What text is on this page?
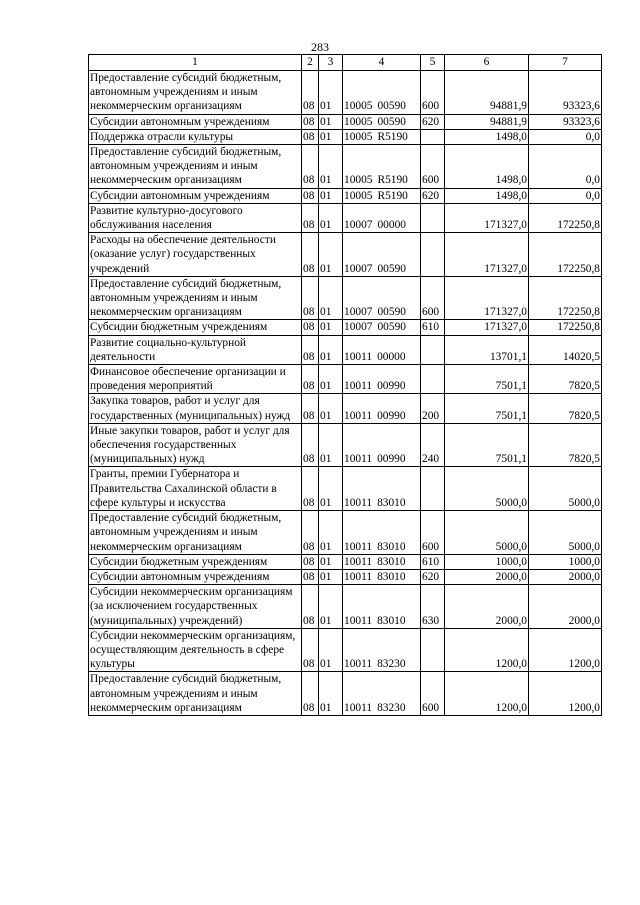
283
1	2	3	4	5	6	7
Предоставление субсидий бюджетным, автономным учреждениям и иным некоммерческим организациям	08	01	10005 00590	600	94881,9	93323,6
Субсидии автономным учреждениям	08	01	10005 00590	620	94881,9	93323,6
Поддержка отрасли культуры	08	01	10005 R5190		1498,0	0,0
Предоставление субсидий бюджетным, автономным учреждениям и иным некоммерческим организациям	08	01	10005 R5190	600	1498,0	0,0
Субсидии автономным учреждениям	08	01	10005 R5190	620	1498,0	0,0
Развитие культурно-досугового обслуживания населения	08	01	10007 00000		171327,0	172250,8
Расходы на обеспечение деятельности (оказание услуг) государственных учреждений	08	01	10007 00590		171327,0	172250,8
Предоставление субсидий бюджетным, автономным учреждениям и иным некоммерческим организациям	08	01	10007 00590	600	171327,0	172250,8
Субсидии бюджетным учреждениям	08	01	10007 00590	610	171327,0	172250,8
Развитие социально-культурной деятельности	08	01	10011 00000		13701,1	14020,5
Финансовое обеспечение организации и проведения мероприятий	08	01	10011 00990		7501,1	7820,5
Закупка товаров, работ и услуг для государственных (муниципальных) нужд	08	01	10011 00990	200	7501,1	7820,5
Иные закупки товаров, работ и услуг для обеспечения государственных (муниципальных) нужд	08	01	10011 00990	240	7501,1	7820,5
Гранты, премии Губернатора и Правительства Сахалинской области в сфере культуры и искусства	08	01	10011 83010		5000,0	5000,0
Предоставление субсидий бюджетным, автономным учреждениям и иным некоммерческим организациям	08	01	10011 83010	600	5000,0	5000,0
Субсидии бюджетным учреждениям	08	01	10011 83010	610	1000,0	1000,0
Субсидии автономным учреждениям	08	01	10011 83010	620	2000,0	2000,0
Субсидии некоммерческим организациям (за исключением государственных (муниципальных) учреждений)	08	01	10011 83010	630	2000,0	2000,0
Субсидии некоммерческим организациям, осуществляющим деятельность в сфере культуры	08	01	10011 83230		1200,0	1200,0
Предоставление субсидий бюджетным, автономным учреждениям и иным некоммерческим организациям	08	01	10011 83230	600	1200,0	1200,0
